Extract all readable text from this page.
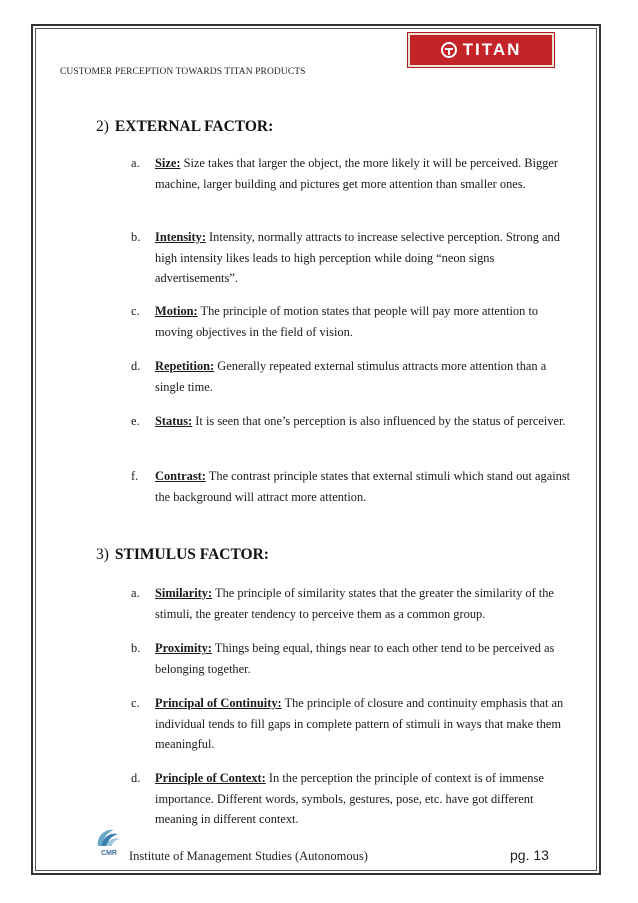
TITAN
CUSTOMER PERCEPTION TOWARDS TITAN PRODUCTS
2) EXTERNAL FACTOR:
a.	Size: Size takes that larger the object, the more likely it will be perceived. Bigger machine, larger building and pictures get more attention than smaller ones.
b.	Intensity: Intensity, normally attracts to increase selective perception. Strong and high intensity likes leads to high perception while doing “neon signs advertisements”.
c.	Motion: The principle of motion states that people will pay more attention to moving objectives in the field of vision.
d.	Repetition: Generally repeated external stimulus attracts more attention than a single time.
e.	Status: It is seen that one’s perception is also influenced by the status of perceiver.
f.	Contrast: The contrast principle states that external stimuli which stand out against the background will attract more attention.
3) STIMULUS FACTOR:
a.	Similarity: The principle of similarity states that the greater the similarity of the stimuli, the greater tendency to perceive them as a common group.
b.	Proximity: Things being equal, things near to each other tend to be perceived as belonging together.
c.	Principal of Continuity: The principle of closure and continuity emphasis that an individual tends to fill gaps in complete pattern of stimuli in ways that make them meaningful.
d.	Principle of Context: In the perception the principle of context is of immense importance. Different words, symbols, gestures, pose, etc. have got different meaning in different context.
CMR Institute of Management Studies (Autonomous)	pg. 13
